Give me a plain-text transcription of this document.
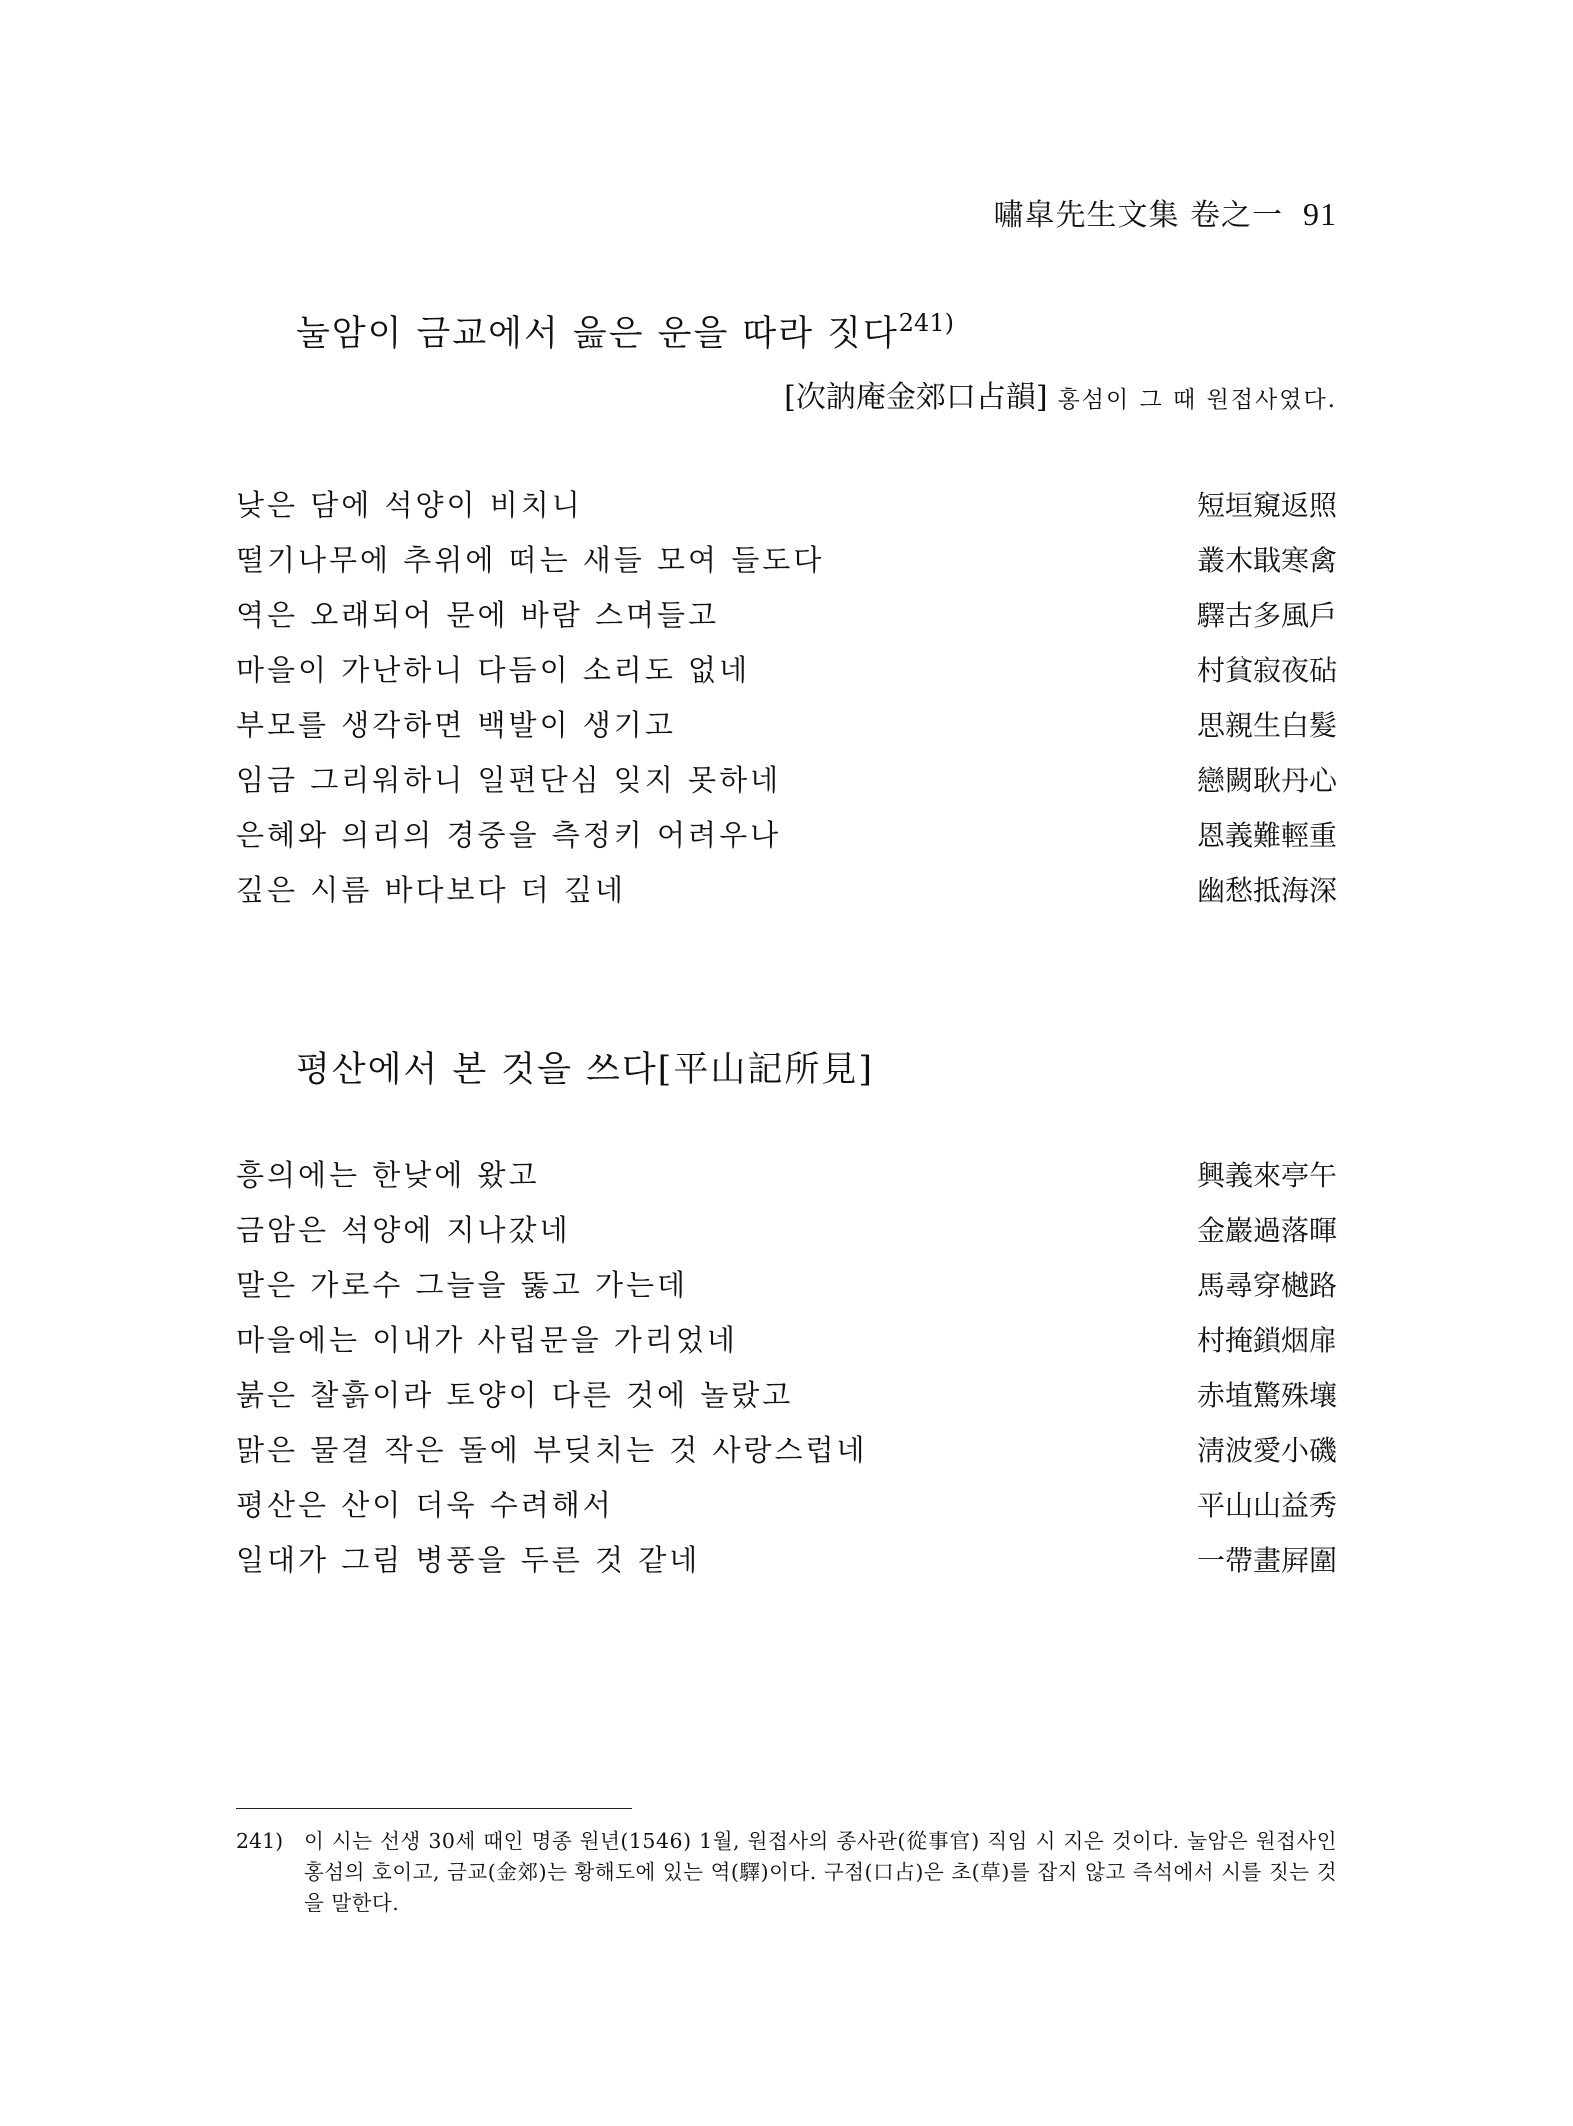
嘯皐先生文集 卷之一 91
눌암이 금교에서 읊은 운을 따라 짓다$^{241)}$
[次訥庵金郊口占韻] 홍섬이 그 때 원접사였다.
낮은 담에 석양이 비치니	短垣窺返照
떨기나무에 추위에 떠는 새들 모여 들도다	叢木戢寒禽
역은 오래되어 문에 바람 스며들고	驛古多風戶
마을이 가난하니 다듬이 소리도 없네	村貧寂夜砧
부모를 생각하면 백발이 생기고	思親生白髮
임금 그리워하니 일편단심 잊지 못하네	戀闕耿丹心
은혜와 의리의 경중을 측정키 어려우나	恩義難輕重
깊은 시름 바다보다 더 깊네	幽愁抵海深
평산에서 본 것을 쓰다[平山記所見]
흥의에는 한낮에 왔고	興義來亭午
금암은 석양에 지나갔네	金巖過落暉
말은 가로수 그늘을 뚫고 가는데	馬尋穿樾路
마을에는 이내가 사립문을 가리었네	村掩鎖烟扉
붉은 찰흙이라 토양이 다른 것에 놀랐고	赤埴驚殊壤
맑은 물결 작은 돌에 부딪치는 것 사랑스럽네	淸波愛小磯
평산은 산이 더욱 수려해서	平山山益秀
일대가 그림 병풍을 두른 것 같네	一帶畫屛圍
241)	이 시는 선생 30세 때인 명종 원년(1546) 1월, 원접사의 종사관(從事官) 직임 시 지은 것이다. 눌암은 원접사인 홍섬의 호이고, 금교(金郊)는 황해도에 있는 역(驛)이다. 구점(口占)은 초(草)를 잡지 않고 즉석에서 시를 짓는 것을 말한다.
